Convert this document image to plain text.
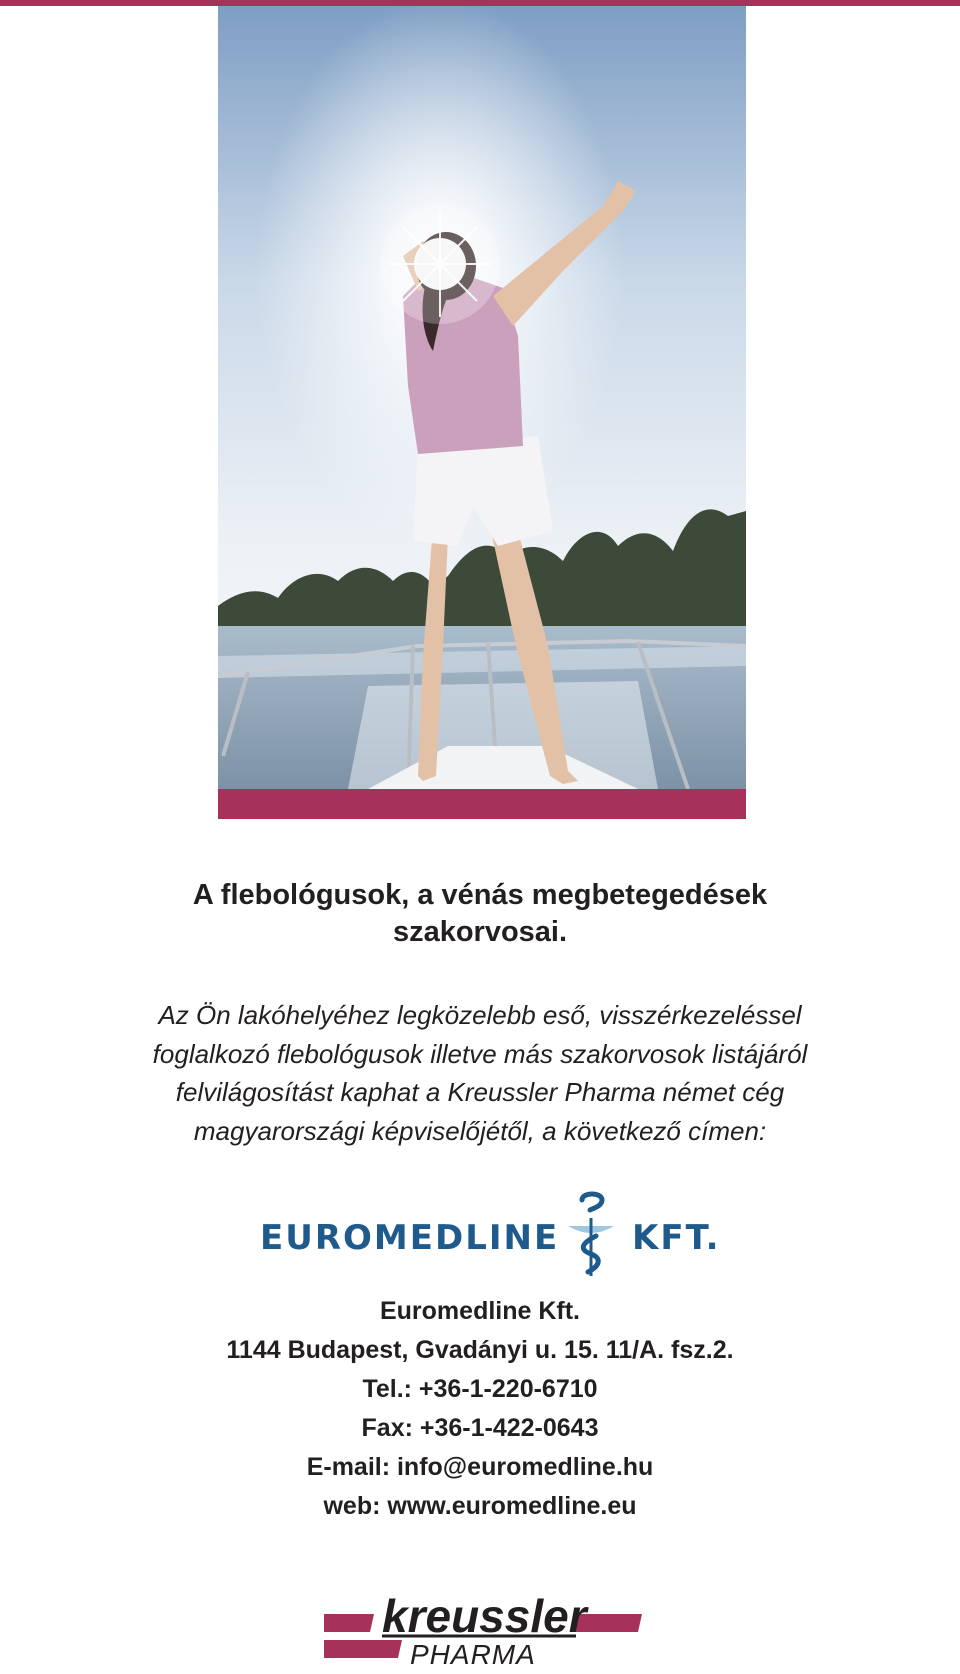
A flebológusok, a vénás megbetegedések
szakorvosai.
Az Ön lakóhelyéhez legközelebb eső, visszérkezeléssel
foglalkozó flebológusok illetve más szakorvosok listájáról
felvilágosítást kaphat a Kreussler Pharma német cég
magyarországi képviselőjétől, a következő címen:
EUROMEDLINE KFT.
Euromedline Kft.
1144 Budapest, Gvadányi u. 15. 11/A. fsz.2.
Tel.: +36-1-220-6710
Fax: +36-1-422-0643
E-mail: info@euromedline.hu
web: www.euromedline.eu
kreussler
PHARMA
